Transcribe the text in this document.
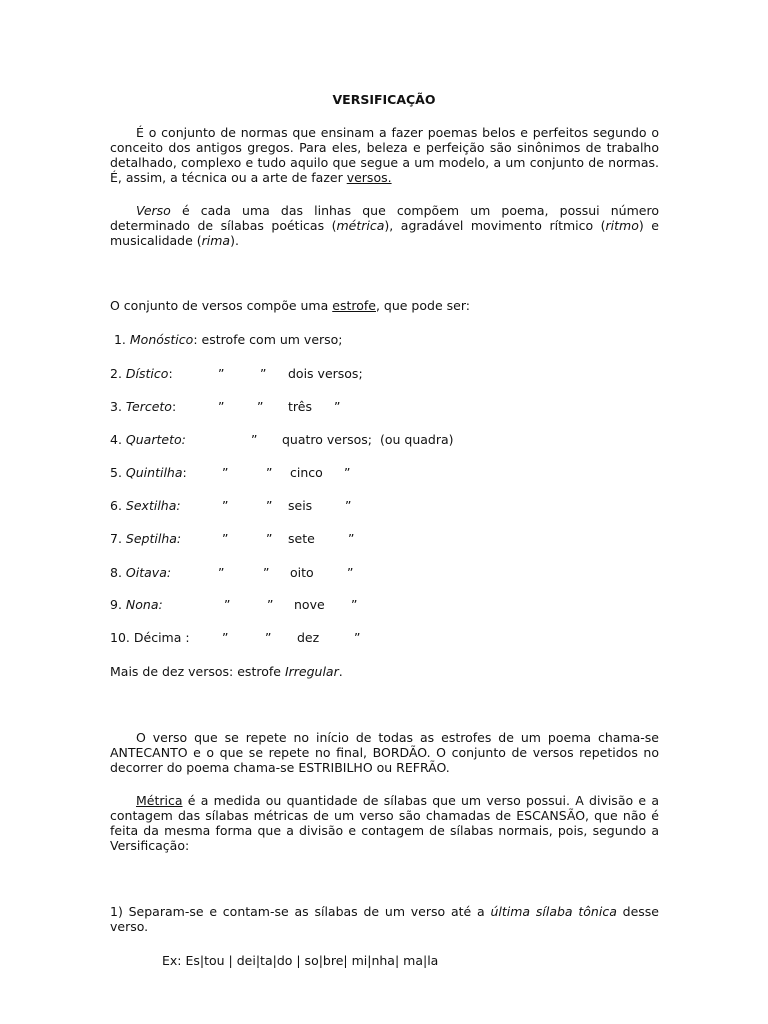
VERSIFICAÇÃO

É o conjunto de normas que ensinam a fazer poemas belos e perfeitos segundo o conceito dos antigos gregos. Para eles, beleza e perfeição são sinônimos de trabalho detalhado, complexo e tudo aquilo que segue a um modelo, a um conjunto de normas. É, assim, a técnica ou a arte de fazer versos.

Verso é cada uma das linhas que compõem um poema, possui número determinado de sílabas poéticas (métrica), agradável movimento rítmico (ritmo) e musicalidade (rima).

O conjunto de versos compõe uma estrofe, que pode ser:
1. Monóstico: estrofe com um verso;
2. Dístico:	”	” dois versos;
3. Terceto:	”	” três ”
4. Quarteto:	” quatro versos;  (ou quadra)
5. Quintilha:	”	” cinco ”
6. Sextilha:	”	” seis	”
7. Septilha:	”	” sete	”
8. Oitava:	”	” oito	”
9. Nona:	”	” nove ”
10. Décima :	”	” dez	”
Mais de dez versos: estrofe Irregular.

O verso que se repete no início de todas as estrofes de um poema chama-se ANTECANTO e o que se repete no final, BORDÃO. O conjunto de versos repetidos no decorrer do poema chama-se ESTRIBILHO ou REFRÃO.

Métrica é a medida ou quantidade de sílabas que um verso possui. A divisão e a contagem das sílabas métricas de um verso são chamadas de ESCANSÃO, que não é feita da mesma forma que a divisão e contagem de sílabas normais, pois, segundo a Versificação:

1) Separam-se e contam-se as sílabas de um verso até a última sílaba tônica desse verso.

Ex: Es|tou | dei|ta|do | so|bre| mi|nha| ma|la
